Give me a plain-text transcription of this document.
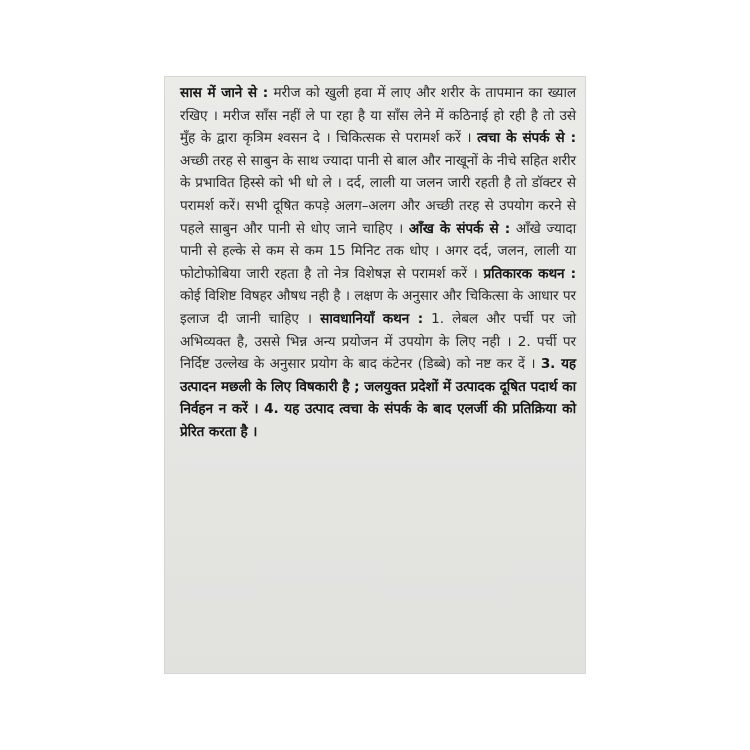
सास में जाने से : मरीज को खुली हवा में लाए और शरीर के तापमान का ख्याल रखिए । मरीज साँस नहीं ले पा रहा है या साँस लेने में कठिनाई हो रही है तो उसे मुँह के द्वारा कृत्रिम श्वसन दे । चिकित्सक से परामर्श करें । त्वचा के संपर्क से : अच्छी तरह से साबुन के साथ ज्यादा पानी से बाल और नाखूनों के नीचे सहित शरीर के प्रभावित हिस्से को भी धो ले । दर्द, लाली या जलन जारी रहती है तो डॉक्टर से परामर्श करें। सभी दूषित कपड़े अलग–अलग और अच्छी तरह से उपयोग करने से पहले साबुन और पानी से धोए जाने चाहिए । आँख के संपर्क से : आँखे ज्यादा पानी से हल्के से कम से कम 15 मिनिट तक धोए । अगर दर्द, जलन, लाली या फोटोफोबिया जारी रहता है तो नेत्र विशेषज्ञ से परामर्श करें । प्रतिकारक कथन : कोई विशिष्ट विषहर औषध नही है । लक्षण के अनुसार और चिकित्सा के आधार पर इलाज दी जानी चाहिए । सावधानियाँ कथन : 1. लेबल और पर्ची पर जो अभिव्यक्त है, उससे भिन्न अन्य प्रयोजन में उपयोग के लिए नही । 2. पर्ची पर निर्दिष्ट उल्लेख के अनुसार प्रयोग के बाद कंटेनर (डिब्बे) को नष्ट कर दें । 3. यह उत्पादन मछली के लिए विषकारी है ; जलयुक्त प्रदेशों में उत्पादक दूषित पदार्थ का निर्वहन न करें । 4. यह उत्पाद त्वचा के संपर्क के बाद एलर्जी की प्रतिक्रिया को प्रेरित करता है ।
